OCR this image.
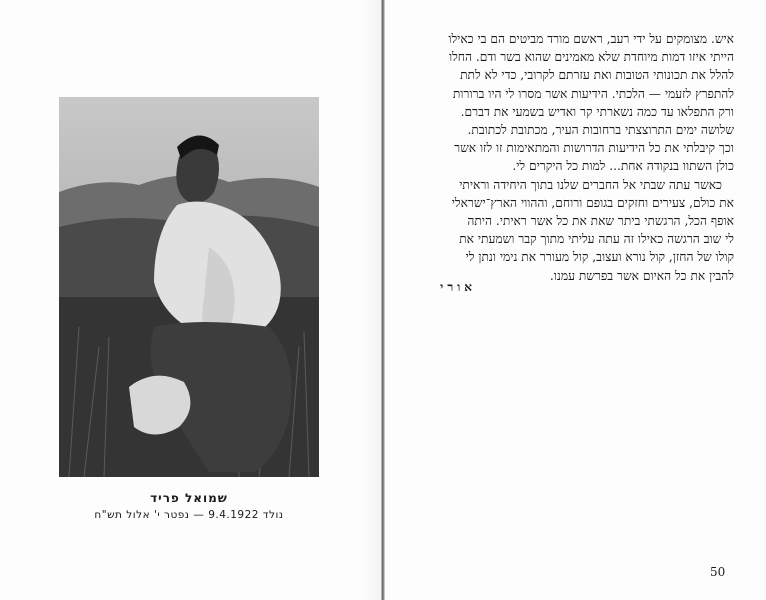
שמואל פריד
נולד 9.4.1922 — נפטר י' אלול תש"ח
איש. מצומקים על ידי רעב, ראשם מורד מביטים הם בי כאילו
הייתי איזו דמות מיוחדת שלא מאמינים שהוא בשר ודם. החלו
להלל את תכונותי הטובות ואת עזרתם לקרובי, כדי לא לתת
להתפרץ לזעמי — הלכתי. הידיעות אשר מסרו לי היו ברורות
ורק התפלאו עד כמה נשארתי קר ואדיש בשמעי את דברם.
שלושה ימים התרוצצתי ברחובות העיר, מכתובת לכתובת.
וכך קיבלתי את כל הידיעות הדרושות והמתאימות זו לזו אשר
כולן השתוו בנקודה אחת... למות כל היקרים לי.
כאשר עתה שבתי אל החברים שלנו בתוך היחידה וראיתי
את כולם, צעירים וחזקים בגופם ורוחם, וההווי הארץ־ישראלי
אופף הכל, הרגשתי ביתר שאת את כל אשר ראיתי. היתה
לי שוב הרגשה כאילו זה עתה עליתי מתוך קבר ושמעתי את
קולו של החזן, קול נורא ועצוב, קול מעורר את נימי ונתן לי
להבין את כל האיום אשר בפרשת עמנו.
אורי
50
